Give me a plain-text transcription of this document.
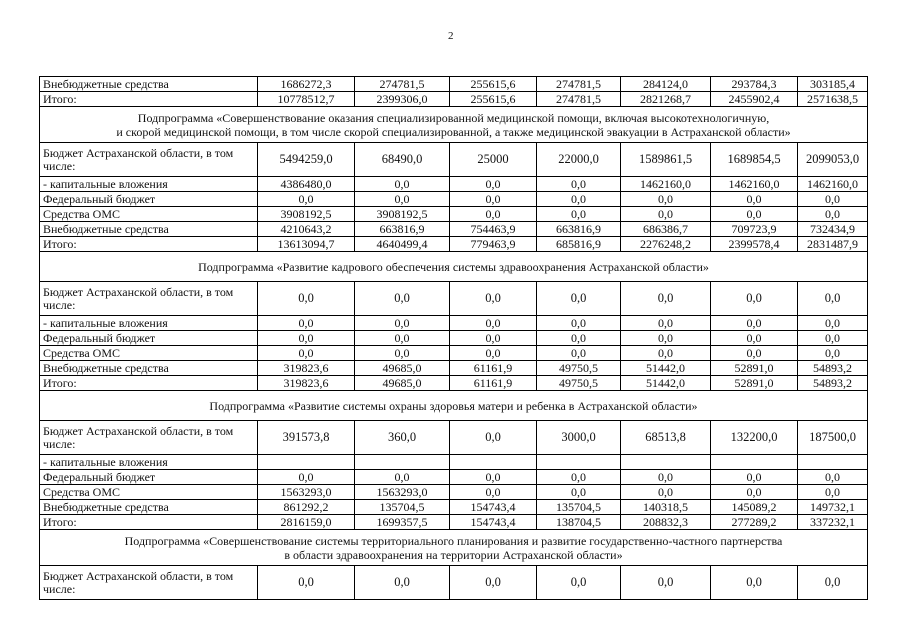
2
Внебюджетные средства	1686272,3	274781,5	255615,6	274781,5	284124,0	293784,3	303185,4
Итого:	10778512,7	2399306,0	255615,6	274781,5	2821268,7	2455902,4	2571638,5

Подпрограмма «Совершенствование оказания специализированной медицинской помощи, включая высокотехнологичную,
и скорой медицинской помощи, в том числе скорой специализированной, а также медицинской эвакуации в Астраханской области»							

Бюджет Астраханской области, в том числе:	5494259,0	68490,0	25000	22000,0	1589861,5	1689854,5	2099053,0
- капитальные вложения	4386480,0	0,0	0,0	0,0	1462160,0	1462160,0	1462160,0
Федеральный бюджет	0,0	0,0	0,0	0,0	0,0	0,0	0,0
Средства ОМС	3908192,5	3908192,5	0,0	0,0	0,0	0,0	0,0
Внебюджетные средства	4210643,2	663816,9	754463,9	663816,9	686386,7	709723,9	732434,9
Итого:	13613094,7	4640499,4	779463,9	685816,9	2276248,2	2399578,4	2831487,9

Подпрограмма «Развитие кадрового обеспечения системы здравоохранения Астраханской области»							

Бюджет Астраханской области, в том числе:	0,0	0,0	0,0	0,0	0,0	0,0	0,0
- капитальные вложения	0,0	0,0	0,0	0,0	0,0	0,0	0,0
Федеральный бюджет	0,0	0,0	0,0	0,0	0,0	0,0	0,0
Средства ОМС	0,0	0,0	0,0	0,0	0,0	0,0	0,0
Внебюджетные средства	319823,6	49685,0	61161,9	49750,5	51442,0	52891,0	54893,2
Итого:	319823,6	49685,0	61161,9	49750,5	51442,0	52891,0	54893,2

Подпрограмма «Развитие системы охраны здоровья матери и ребенка в Астраханской области»							

Бюджет Астраханской области, в том числе:	391573,8	360,0	0,0	3000,0	68513,8	132200,0	187500,0
- капитальные вложения							
Федеральный бюджет	0,0	0,0	0,0	0,0	0,0	0,0	0,0
Средства ОМС	1563293,0	1563293,0	0,0	0,0	0,0	0,0	0,0
Внебюджетные средства	861292,2	135704,5	154743,4	135704,5	140318,5	145089,2	149732,1
Итого:	2816159,0	1699357,5	154743,4	138704,5	208832,3	277289,2	337232,1

Подпрограмма «Совершенствование системы территориального планирования и развитие государственно-частного партнерства
в области здравоохранения на территории Астраханской области»							

Бюджет Астраханской области, в том числе:	0,0	0,0	0,0	0,0	0,0	0,0	0,0
